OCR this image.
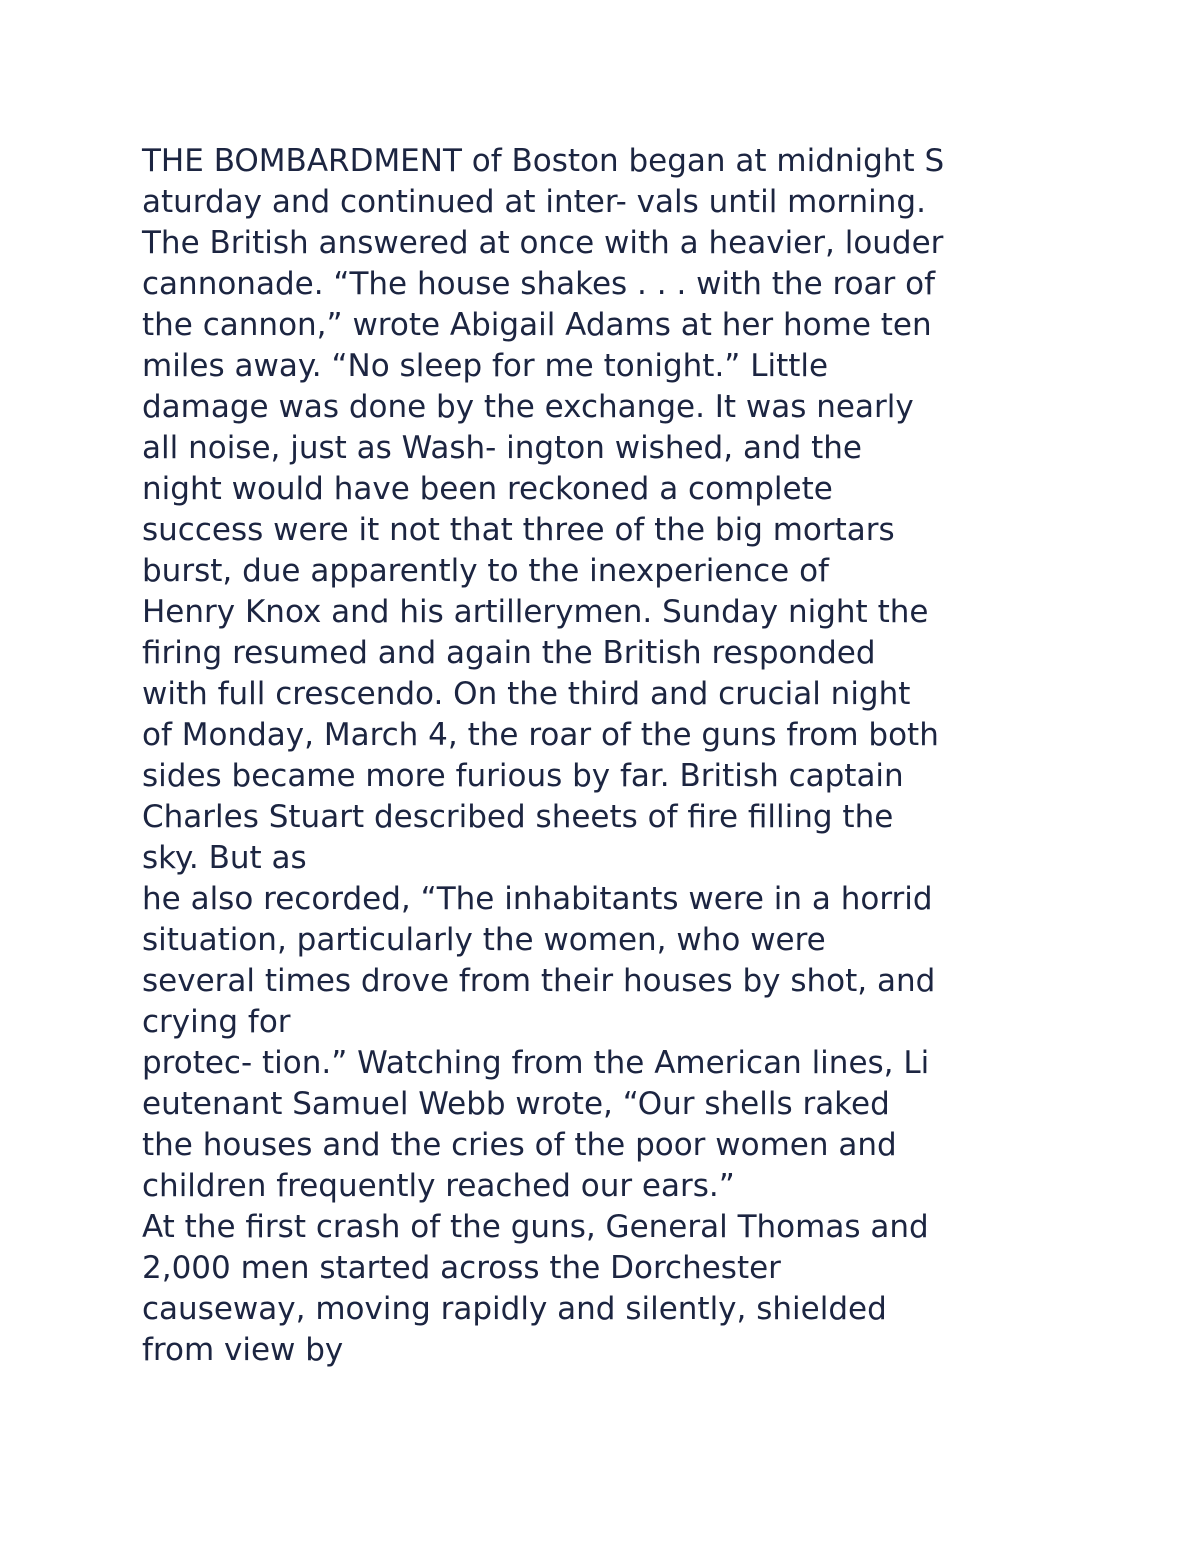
THE BOMBARDMENT of Boston began at midnight S
aturday and continued at inter- vals until morning.
The British answered at once with a heavier, louder
cannonade. “The house shakes . . . with the roar of
the cannon,” wrote Abigail Adams at her home ten
miles away. “No sleep for me tonight.” Little
damage was done by the exchange. It was nearly
all noise, just as Wash- ington wished, and the
night would have been reckoned a complete
success were it not that three of the big mortars
burst, due apparently to the inexperience of
Henry Knox and his artillerymen. Sunday night the
firing resumed and again the British responded
with full crescendo. On the third and crucial night
of Monday, March 4, the roar of the guns from both
sides became more furious by far. British captain
Charles Stuart described sheets of fire filling the
sky. But as
he also recorded, “The inhabitants were in a horrid
situation, particularly the women, who were
several times drove from their houses by shot, and
crying for
protec- tion.” Watching from the American lines, Li
eutenant Samuel Webb wrote, “Our shells raked
the houses and the cries of the poor women and
children frequently reached our ears.”
At the first crash of the guns, General Thomas and
2,000 men started across the Dorchester
causeway, moving rapidly and silently, shielded
from view by
